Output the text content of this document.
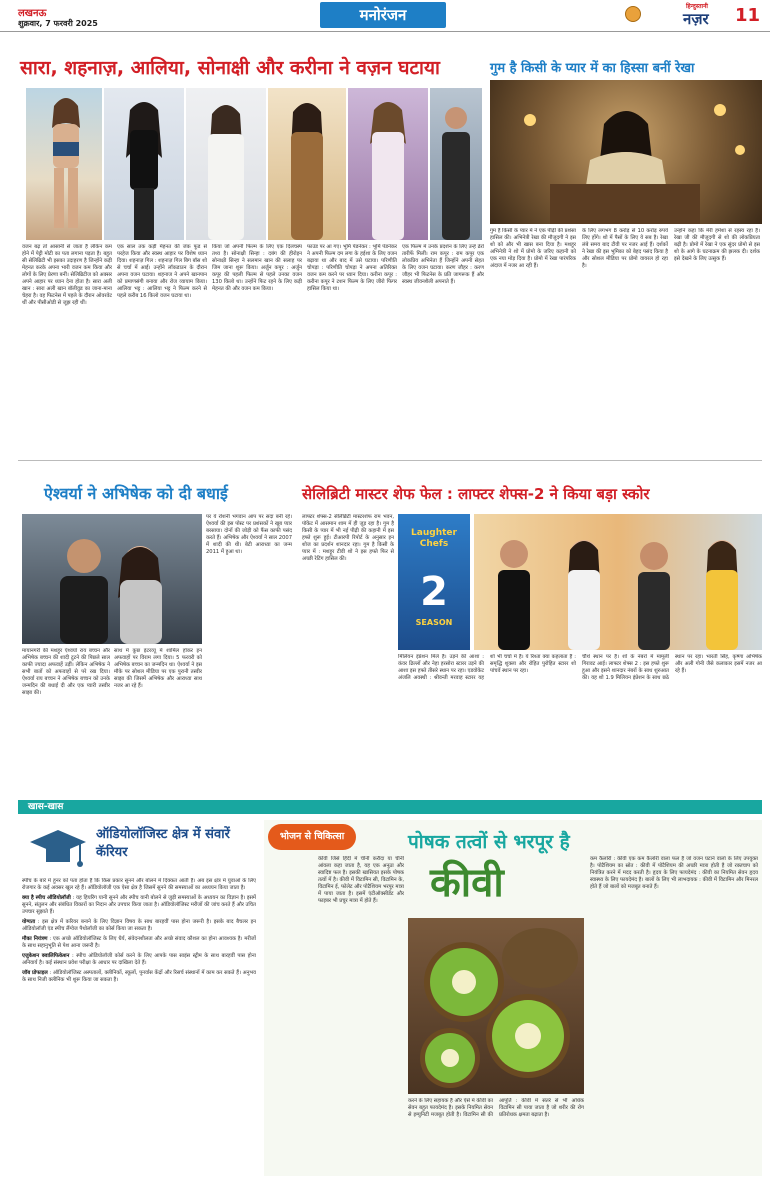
लखनऊ
शुक्रवार, 7 फरवरी 2025	मनोरंजन	हिन्दुस्तानी
नज़र 11
सारा, शहनाज़, आलिया, सोनाक्षी और करीना ने वज़न घटाया
वजन बढ़ तो आसानी से जाता है लेकिन कम होने में पेट्टी मोटी का पता लगाना पड़ता है। बहुत सी सेलिब्रिटी भी इसका उदाहरण है जिन्होंने कड़ी मेहनत करके अपना भारी वजन कम किया और लोगों के लिए प्रेरणा बनीं। सेलिब्रिटीज को अक्सर अपने आहार पर ध्यान देना होता है। सारा अली खान : सारा अली खान बॉलीवुड का जाना-माना चेहरा है। वह फिटनेस में पहले के दौरान ओवरवेट थीं और पीसीओडी से जूझ रही थीं।
एक साल तक कड़ी मेहनत की जंक फूड से परहेज किया और स्वस्थ आहार पर विशेष ध्यान दिया। शहनाज़ गिल : शहनाज़ गिल बिग बॉस शो से चर्चा में आईं। उन्होंने लॉकडाउन के दौरान अपना वजन घटाया। शहनाज ने अपने खानपान को प्रमाणसंगी बनाया और रोज व्यायाम किया। आलिया भट्ट : आलिया भट्ट ने फिल्म करने से पहले करीब 16 किलो वजन घटाया था।
किया जो अपनी फिल्म के लिए एक दिलचस्प तथ्य है। सोनाक्षी सिन्हा : दबंग की हीरोइन सोनाक्षी सिन्हा ने सलमान खान की सलाह पर जिम जाना शुरू किया। अर्जुन कपूर : अर्जुन कपूर की पहली फिल्म से पहले उनका वजन 130 किलो था। उन्होंने फिट रहने के लिए कड़ी मेहनत की और वजन कम किया।
फाउंड पर आ गए। भूमि पेडनेकर : भूमि पेडनेकर ने अपनी फिल्म दम लगा के हईशा के लिए वजन बढ़ाया था और बाद में उसे घटाया। परिणीति चोपड़ा : परिणीति चोपड़ा ने अपना अतिरिक्त वजन कम करने पर ध्यान दिया। करीना कपूर : करीना कपूर ने टशन फिल्म के लिए जीरो फिगर हासिल किया था।
एक फिल्म में उनके प्रदर्शन के लिए उन्हें ढेरों तारीफें मिलीं। राम कपूर : राम कपूर एक लोकप्रिय अभिनेता हैं जिन्होंने अपनी सेहत के लिए वजन घटाया। करण जौहर : करण जौहर भी फिटनेस के प्रति जागरूक हैं और स्वस्थ जीवनशैली अपनाते हैं।
गुम है किसी के प्यार में का हिस्सा बनीं रेखा
गुम है किसी के प्यार में ने एक पीढ़ी की प्रशंसा हासिल की। अभिनेत्री रेखा की मौजूदगी ने इस शो को और भी खास बना दिया है। मशहूर अभिनेत्री ने शो में प्रोमो के जरिए कहानी को एक नया मोड़ दिया है। प्रोमो में रेखा पारंपरिक अंदाज में नजर आ रही हैं।
के लिए लगभग 8 करोड़ से 10 करोड़ रुपये लिए होंगे। शो में पैसों के लिए ये सब है। रेखा लंबे समय बाद टीवी पर नजर आई हैं। दर्शकों ने रेखा की इस भूमिका को बेहद पसंद किया है और सोशल मीडिया पर प्रोमो वायरल हो रहा है।
उन्होंने कहा कि मेरी हमेशा से रहस्य रहा है। रेखा जी की मौजूदगी से शो की लोकप्रियता बढ़ी है। प्रोमो में रेखा ने एक सुंदर प्रोमो से इस शो के आगे के घटनाक्रम की झलक दी। दर्शक इसे देखने के लिए उत्सुक हैं।
ऐश्वर्या ने अभिषेक को दी बधाई
मायानगरी की मशहूर ऐश्वर्या राय बच्चन और अभिषेक बच्चन की शादी टूटने की पिछले साल काफी ज्यादा अफवाहें उड़ीं। लेकिन अभिषेक ने सभी बातों को अफवाहों से परे रख दिया। ऐश्वर्या राय बच्चन ने अभिषेक बच्चन को उनके जन्मदिन की बधाई दी और एक प्यारी तस्वीर साझा की।
साथ में कुछ इंटरव्यू में शामिल होकर इन अफवाहों पर विराम लगा दिया। 5 फरवरी को अभिषेक बच्चन का जन्मदिन था। ऐश्वर्या ने इस मौके पर सोशल मीडिया पर एक पुरानी तस्वीर साझा की जिसमें अभिषेक और आराध्या साथ नजर आ रहे हैं।
पर ये रोशनी भगवान आप पर सदा बनी रहे। ऐश्वर्या की इस पोस्ट पर प्रशंसकों ने खूब प्यार बरसाया। दोनों की जोड़ी को फैंस काफी पसंद करते हैं। अभिषेक और ऐश्वर्या ने साल 2007 में शादी की थी। बेटी आराध्या का जन्म 2011 में हुआ था।
सेलिब्रिटी मास्टर शेफ फेल : लाफ्टर शेफ्स-2 ने किया बड़ा स्कोर
लाफ्टर शेफ्स-2 सेलिब्रिटी मास्टरशेफ राम भवन, पॉकेट में आसमान शाम में ही जुड़ रहा है। गुम है किसी के प्यार में भी नई पीढ़ी की कहानी में इस हफ्ते शुरू हुई। टीआरपी रिपोर्ट के अनुसार इन शोज का प्रदर्शन शानदार रहा। गुम है किसी के प्यार में : मशहूर टीवी शो ने इस हफ्ते फिर से अच्छी रेटिंग हासिल की।
Laughter Chefs
2
SEASON
मिलियन इंप्रेशन मिले हैं। उड़ने की आशा : कंवर ढिल्लों और नेहा हरसोरा स्टारर उड़ने की आशा इस हफ्ते तीसरे स्थान पर रहा। एडवोकेट अंजलि अवस्थी : श्रीवन्ती मरवाह स्टारर यह शो भी चर्चा में है। ये रिश्ता क्या कहलाता है : समृद्धि शुक्ला और रोहित पुरोहित स्टारर शो पांचवें स्थान पर रहा।
चौथे स्थान पर है। शो के नंबरों में मामूली गिरावट आई। लाफ्टर शेफ्स 2 : इस हफ्ते शुरू हुआ और इसने शानदार नंबरों के साथ शुरुआत की। यह शो 1.9 मिलियन इंप्रेशन के साथ छठे स्थान पर रहा। भारती सिंह, कृष्णा अभिषेक और अली गोनी जैसे कलाकार इसमें नजर आ रहे हैं।
खास-खास
ऑडियोलॉजिस्ट क्षेत्र में संवारें कॅरियर
स्पीच के बारे में हुनर को पता होता है कि किस प्रकार सुनने और बोलने में दिक्कत आती है। अब इस क्षेत्र में युवाओं के लिए रोजगार के कई अवसर खुल रहे हैं। ऑडियोलॉजी एक ऐसा क्षेत्र है जिसमें सुनने की समस्याओं का अध्ययन किया जाता है।
क्या है स्पीच ऑडियोलॉजी : यह हियरिंग यानी सुनने और स्पीच यानी बोलने से जुड़ी समस्याओं के अध्ययन का विज्ञान है। इसमें सुनने, संतुलन और संबंधित विकारों का निदान और उपचार किया जाता है। ऑडियोलॉजिस्ट मरीजों की जांच करते हैं और उचित उपचार सुझाते हैं।
योग्यता : इस क्षेत्र में करियर बनाने के लिए विज्ञान विषय के साथ बारहवीं पास होना जरूरी है। इसके बाद बैचलर इन ऑडियोलॉजी एंड स्पीच लैंग्वेज पैथोलॉजी का कोर्स किया जा सकता है।
मौका नियंत्रण : एक अच्छे ऑडियोलॉजिस्ट के लिए धैर्य, संवेदनशीलता और अच्छे संवाद कौशल का होना आवश्यक है। मरीजों के साथ सहानुभूति से पेश आना जरूरी है।
एजुकेशन क्वालिफिकेशन : स्पीच ऑडियोलॉजी कोर्स करने के लिए आपके पास साइंस स्ट्रीम के साथ बारहवीं पास होना अनिवार्य है। कई संस्थान प्रवेश परीक्षा के आधार पर दाखिला देते हैं।
जॉब प्रोफाइल : ऑडियोलॉजिस्ट अस्पतालों, क्लीनिकों, स्कूलों, पुनर्वास केंद्रों और रिसर्च संस्थानों में काम कर सकते हैं। अनुभव के साथ निजी क्लीनिक भी शुरू किया जा सकता है।
भोजन से चिकित्सा	पोषक तत्वों से भरपूर है
कीवी
कीवी जिसे हिंदी में चीनी करौंदा या चीनी आंवला कहा जाता है, यह एक अनूठा और स्वादिष्ट फल है। इसकी खासियत इसके पोषक तत्वों में है। कीवी में विटामिन सी, विटामिन के, विटामिन ई, फोलेट और पोटैशियम भरपूर मात्रा में पाया जाता है। इसमें एंटीऑक्सीडेंट और फाइबर भी प्रचुर मात्रा में होते हैं।
करने के लिए सहायक है और ऐसे में कीवी का सेवन बहुत फायदेमंद है। इसके नियमित सेवन से इम्युनिटी मजबूत होती है। विटामिन सी की आपूर्ति : कीवी में संतरे से भी अधिक विटामिन सी पाया जाता है जो शरीर की रोग प्रतिरोधक क्षमता बढ़ाता है।
कम कैलोरी : कीवी एक कम कैलोरी वाला फल है जो वजन घटाने वालों के लिए उपयुक्त है। पोटैशियम का स्रोत : कीवी में पोटैशियम की अच्छी मात्रा होती है जो रक्तचाप को नियंत्रित करने में मदद करती है। हृदय के लिए फायदेमंद : कीवी का नियमित सेवन हृदय स्वास्थ्य के लिए फायदेमंद है। बालों के लिए भी लाभदायक : कीवी में विटामिन और मिनरल होते हैं जो बालों को मजबूत बनाते हैं।
